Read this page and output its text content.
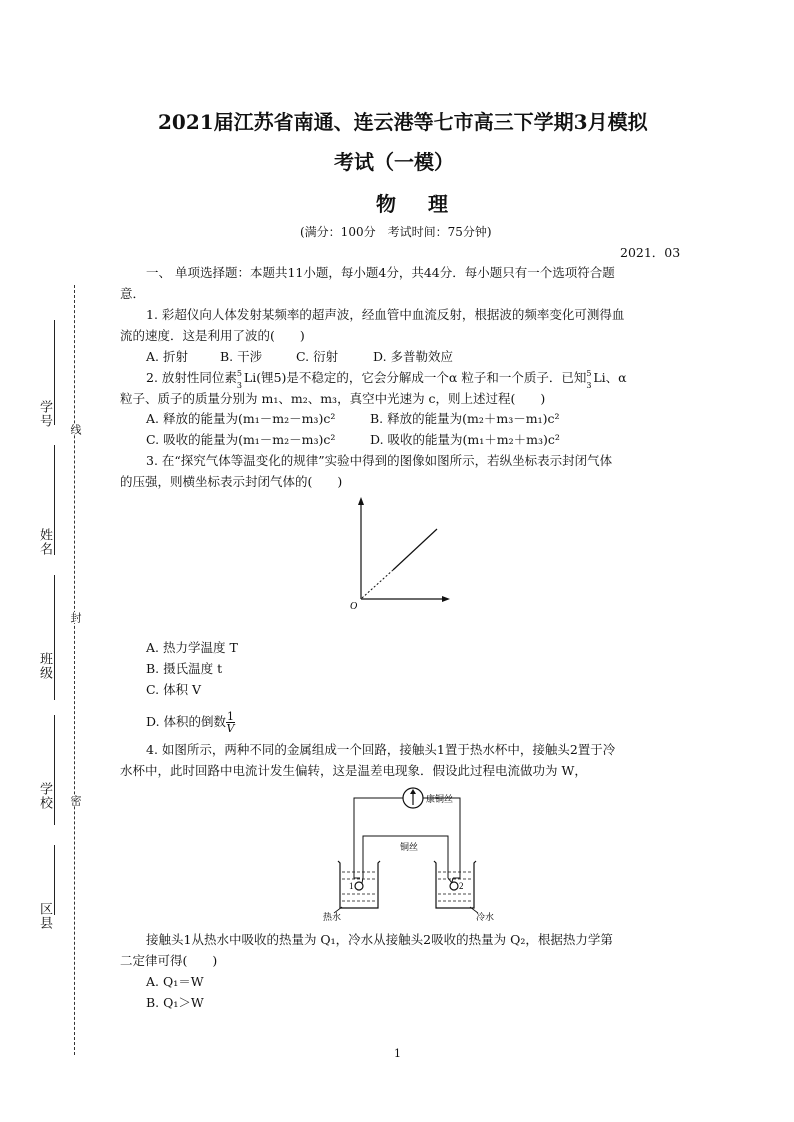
学号
姓名
班级
学校
区县
线
封
密
2021届江苏省南通、连云港等七市高三下学期3月模拟
考试（一模）
物　理
(满分：100分　考试时间：75分钟)
2021．03
一、 单项选择题：本题共11小题，每小题4分，共44分．每小题只有一个选项符合题
意．
1. 彩超仪向人体发射某频率的超声波，经血管中血流反射，根据波的频率变化可测得血
流的速度．这是利用了波的(　　)
A. 折射	B. 干涉	C. 衍射	D. 多普勒效应
2. 放射性同位素 5
3
Li(锂5)是不稳定的，它会分解成一个α 粒子和一个质子．已知 5
3
Li、α
粒子、质子的质量分别为 m₁、m₂、m₃，真空中光速为 c，则上述过程(　　)
A. 释放的能量为(m₁－m₂－m₃)c²	B. 释放的能量为(m₂＋m₃－m₁)c²
C. 吸收的能量为(m₁－m₂－m₃)c²	D. 吸收的能量为(m₁＋m₂＋m₃)c²
3. 在“探究气体等温变化的规律”实验中得到的图像如图所示，若纵坐标表示封闭气体
的压强，则横坐标表示封闭气体的(　　)
O
A. 热力学温度 T
B. 摄氏温度 t
C. 体积 V
D. 体积的倒数 $\frac{1}{V}$
4. 如图所示，两种不同的金属组成一个回路，接触头1置于热水杯中，接触头2置于冷
水杯中，此时回路中电流计发生偏转，这是温差电现象．假设此过程电流做功为 W，
康铜丝
铜丝
1	2
热水	冷水
接触头1从热水中吸收的热量为 Q₁，冷水从接触头2吸收的热量为 Q₂，根据热力学第
二定律可得(　　)
A. Q₁＝W
B. Q₁＞W
1
